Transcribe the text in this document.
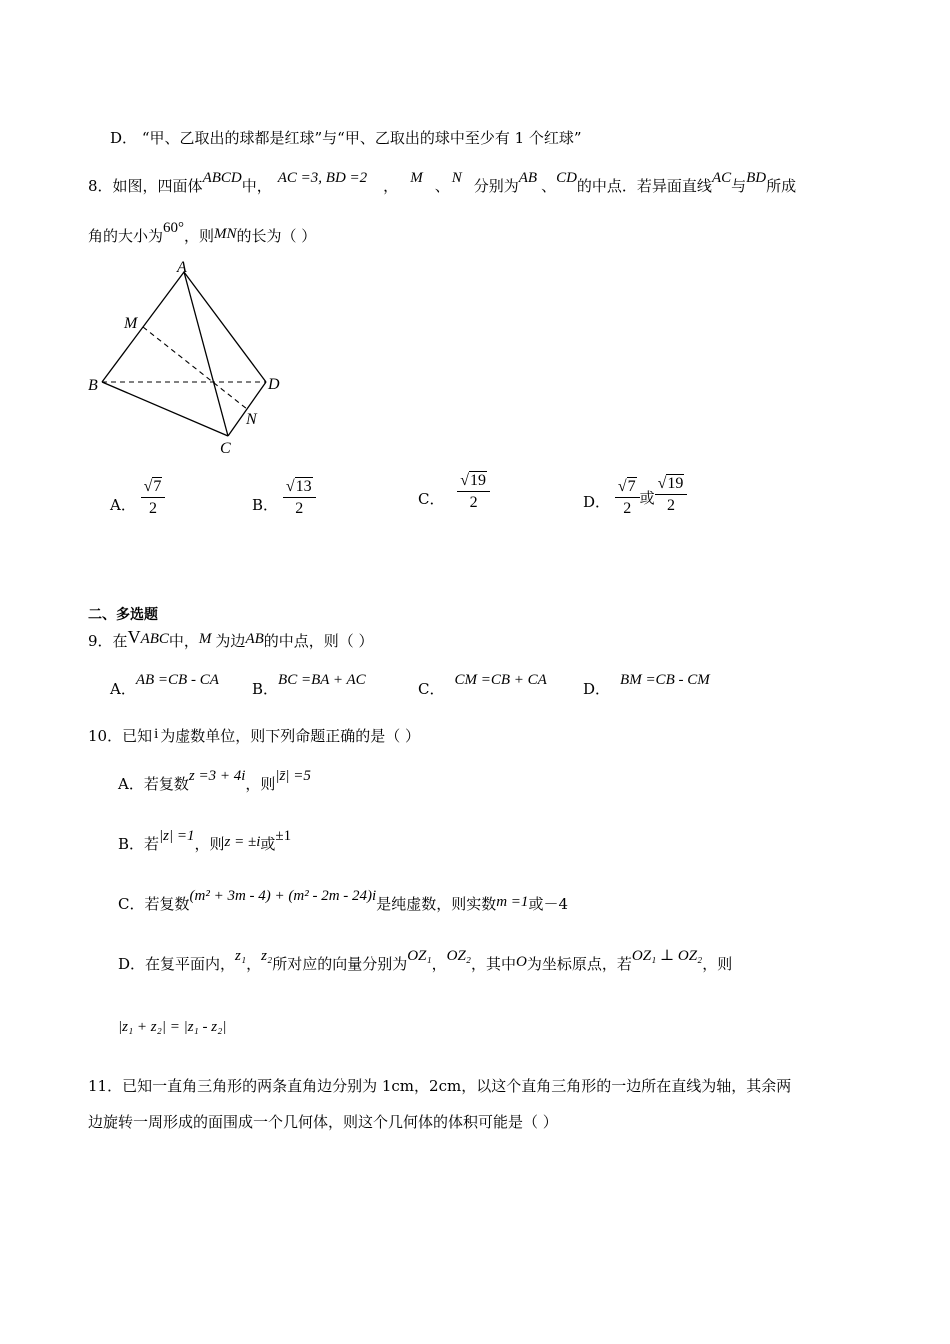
D． “甲、乙取出的球都是红球”与“甲、乙取出的球中至少有 1 个红球”
8．如图，四面体ABCD中， AC =3, BD =2 ， M 、 N 分别为AB 、CD的中点．若异面直线AC与BD所成
角的大小为60°，则MN的长为（ ）
A
M
B	D
N
C
A． $\frac{√7}{2}$	B． $\frac{√13}{2}$	C． $\frac{√19}{2}$	D． $\frac{√7}{2}$ 或 $\frac{√19}{2}$
二、多选题
9．在VABC中，M 为边AB的中点，则（ ）
A．AB =CB - CA B．BC =BA + AC	C． CM =CB + CA D． BM =CB - CM
10．已知 i 为虚数单位，则下列命题正确的是（ ）
A．若复数z =3 + 4i，则|z̄| =5
B．若|z| =1，则z = ±i或±1
C．若复数(m² + 3m - 4) + (m² - 2m - 24)i是纯虚数，则实数m =1或－4
D．在复平面内，z₁，z₂所对应的向量分别为OZ₁，OZ₂，其中O为坐标原点，若OZ₁ ⊥ OZ₂，则
|z₁ + z₂| = |z₁ - z₂|
11．已知一直角三角形的两条直角边分别为 1cm，2cm，以这个直角三角形的一边所在直线为轴，其余两
边旋转一周形成的面围成一个几何体，则这个几何体的体积可能是（ ）
